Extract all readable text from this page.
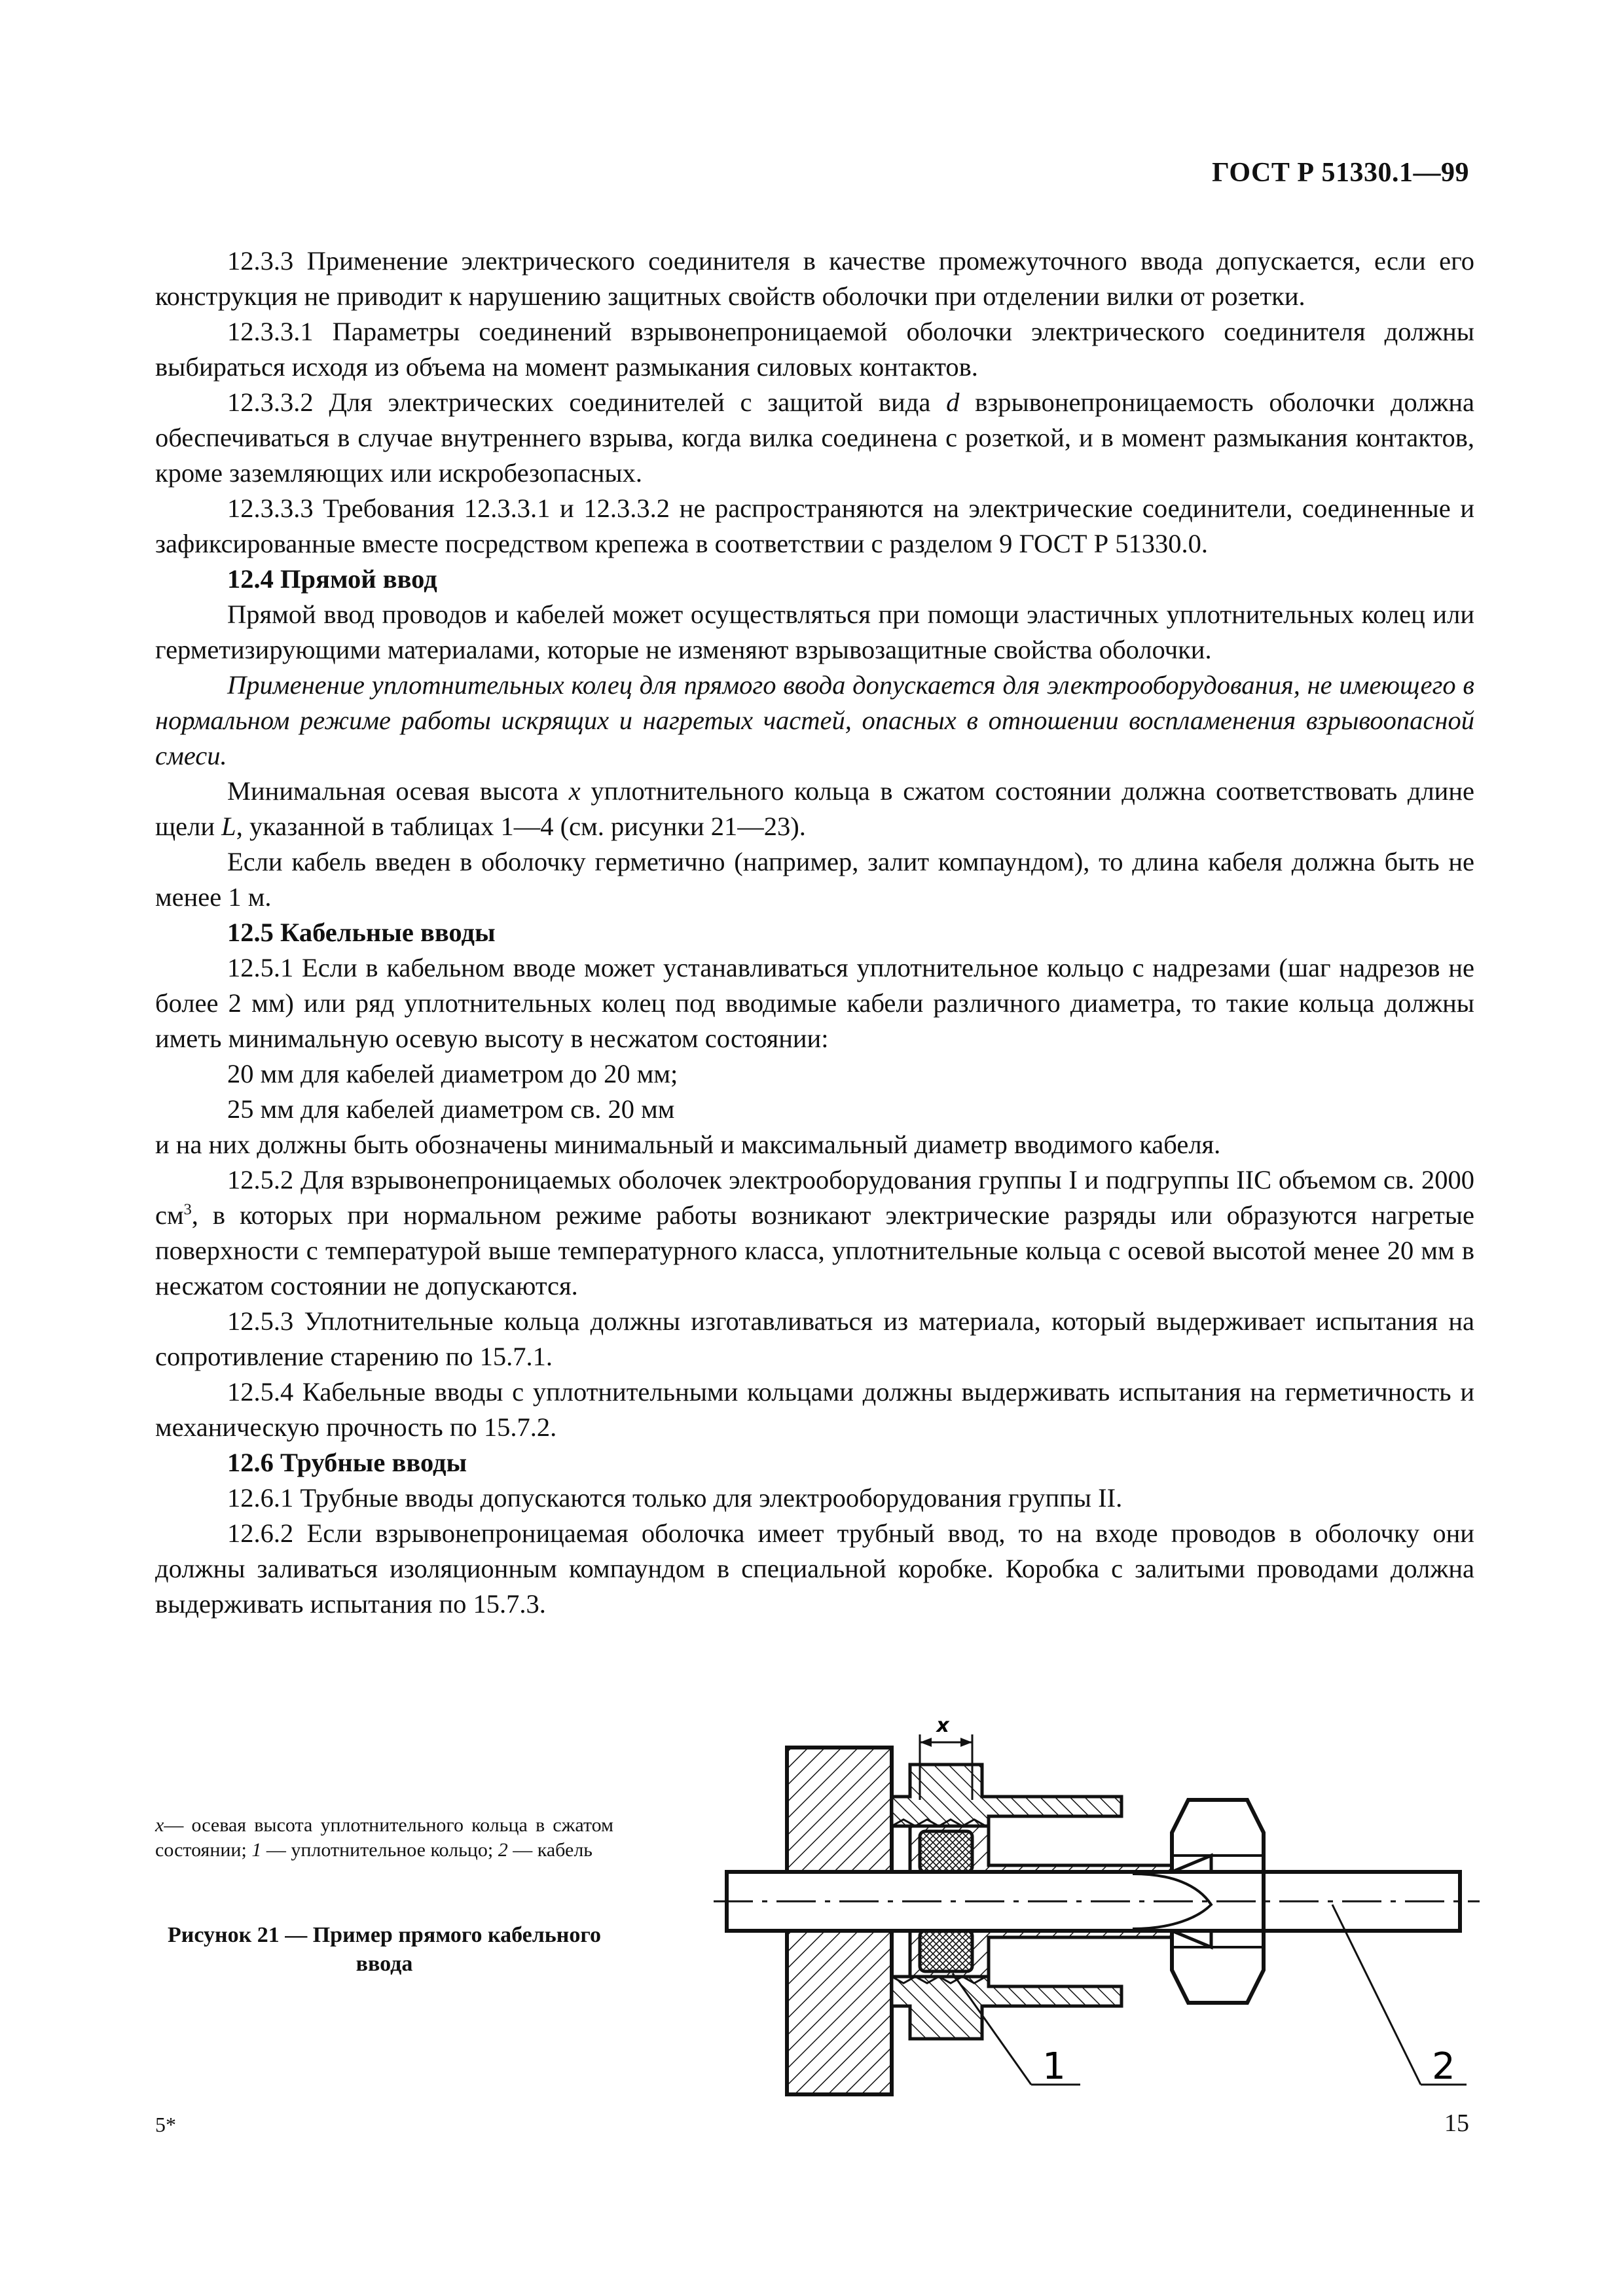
ГОСТ Р 51330.1—99

12.3.3 Применение электрического соединителя в качестве промежуточного ввода допускается, если его конструкция не приводит к нарушению защитных свойств оболочки при отделении вилки от розетки.

12.3.3.1 Параметры соединений взрывонепроницаемой оболочки электрического соединителя должны выбираться исходя из объема на момент размыкания силовых контактов.

12.3.3.2 Для электрических соединителей с защитой вида d взрывонепроницаемость оболочки должна обеспечиваться в случае внутреннего взрыва, когда вилка соединена с розеткой, и в момент размыкания контактов, кроме заземляющих или искробезопасных.

12.3.3.3 Требования 12.3.3.1 и 12.3.3.2 не распространяются на электрические соединители, соединенные и зафиксированные вместе посредством крепежа в соответствии с разделом 9 ГОСТ Р 51330.0.

12.4 Прямой ввод

Прямой ввод проводов и кабелей может осуществляться при помощи эластичных уплотнительных колец или герметизирующими материалами, которые не изменяют взрывозащитные свойства оболочки.

Применение уплотнительных колец для прямого ввода допускается для электрооборудования, не имеющего в нормальном режиме работы искрящих и нагретых частей, опасных в отношении воспламенения взрывоопасной смеси.

Минимальная осевая высота x уплотнительного кольца в сжатом состоянии должна соответствовать длине щели L, указанной в таблицах 1—4 (см. рисунки 21—23).

Если кабель введен в оболочку герметично (например, залит компаундом), то длина кабеля должна быть не менее 1 м.

12.5 Кабельные вводы

12.5.1 Если в кабельном вводе может устанавливаться уплотнительное кольцо с надрезами (шаг надрезов не более 2 мм) или ряд уплотнительных колец под вводимые кабели различного диаметра, то такие кольца должны иметь минимальную осевую высоту в несжатом состоянии:

20 мм для кабелей диаметром до 20 мм;

25 мм для кабелей диаметром св. 20 мм

и на них должны быть обозначены минимальный и максимальный диаметр вводимого кабеля.

12.5.2 Для взрывонепроницаемых оболочек электрооборудования группы I и подгруппы IIC объемом св. 2000 $см^3$, в которых при нормальном режиме работы возникают электрические разряды или образуются нагретые поверхности с температурой выше температурного класса, уплотнительные кольца с осевой высотой менее 20 мм в несжатом состоянии не допускаются.

12.5.3 Уплотнительные кольца должны изготавливаться из материала, который выдерживает испытания на сопротивление старению по 15.7.1.

12.5.4 Кабельные вводы с уплотнительными кольцами должны выдерживать испытания на герметичность и механическую прочность по 15.7.2.

12.6 Трубные вводы

12.6.1 Трубные вводы допускаются только для электрооборудования группы II.

12.6.2 Если взрывонепроницаемая оболочка имеет трубный ввод, то на входе проводов в оболочку они должны заливаться изоляционным компаундом в специальной коробке. Коробка с залитыми проводами должна выдерживать испытания по 15.7.3.

x— осевая высота уплотнительного кольца в сжатом состоянии; 1 — уплотнительное кольцо; 2 — кабель
Рисунок 21 — Пример прямого кабельного ввода
x
1	2
5*	15
